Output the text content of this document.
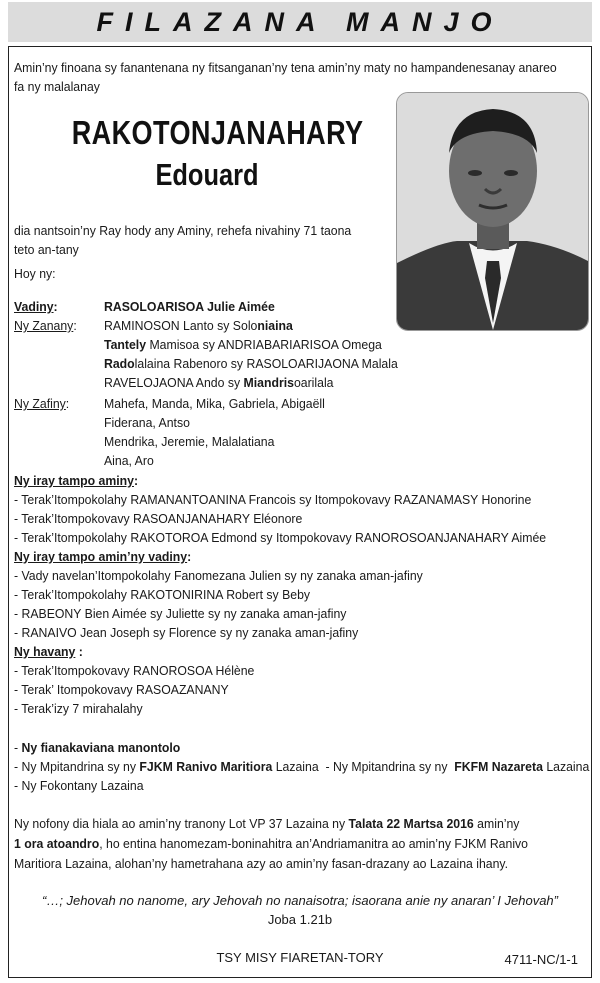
FILAZANA MANJO
Amin’ny finoana sy fanantenana ny fitsanganan’ny tena amin’ny maty no hampandenesanay anareo
fa ny malalanay
RAKOTONJANAHARY
Edouard
dia nantsoin’ny Ray hody any Aminy, rehefa nivahiny 71 taona
teto an-tany
Hoy ny:
Vadiny:	RASOLOARISOA Julie Aimée
Ny Zanany: RAMINOSON Lanto sy Soloniaina
Tantely Mamisoa sy ANDRIABARIARISOA Omega
Radolalaina Rabenoro sy RASOLOARIJAONA Malala
RAVELOJAONA Ando sy Miandrisoarilala
Ny Zafiny:	Mahefa, Manda, Mika, Gabriela, Abigaëll
Fiderana, Antso
Mendrika, Jeremie, Malalatiana
Aina, Aro
Ny iray tampo aminy:
- Terak’Itompokolahy RAMANANTOANINA Francois sy Itompokovavy RAZANAMASY Honorine
- Terak’Itompokovavy RASOANJANAHARY Eléonore
- Terak’Itompokolahy RAKOTOROA Edmond sy Itompokovavy RANOROSOANJANAHARY Aimée
Ny iray tampo amin’ny vadiny:
- Vady navelan’Itompokolahy Fanomezana Julien sy ny zanaka aman-jafiny
- Terak’Itompokolahy RAKOTONIRINA Robert sy Beby
- RABEONY Bien Aimée sy Juliette sy ny zanaka aman-jafiny
- RANAIVO Jean Joseph sy Florence sy ny zanaka aman-jafiny
Ny havany :
- Terak’Itompokovavy RANOROSOA Hélène
- Terak’ Itompokovavy RASOAZANANY
- Terak’izy 7 mirahalahy
- Ny fianakaviana manontolo
- Ny Mpitandrina sy ny FJKM Ranivo Maritiora Lazaina  - Ny Mpitandrina sy ny  FKFM Nazareta Lazaina
- Ny Fokontany Lazaina
Ny nofony dia hiala ao amin’ny tranony Lot VP 37 Lazaina ny Talata 22 Martsa 2016 amin’ny
1 ora atoandro, ho entina hanomezam-boninahitra an’Andriamanitra ao amin’ny FJKM Ranivo
Maritiora Lazaina, alohan’ny hametrahana azy ao amin’ny fasan-drazany ao Lazaina ihany.
“…; Jehovah no nanome, ary Jehovah no nanaisotra; isaorana anie ny anaran’ I Jehovah”
Joba 1.21b
TSY MISY FIARETAN-TORY	4711-NC/1-1
